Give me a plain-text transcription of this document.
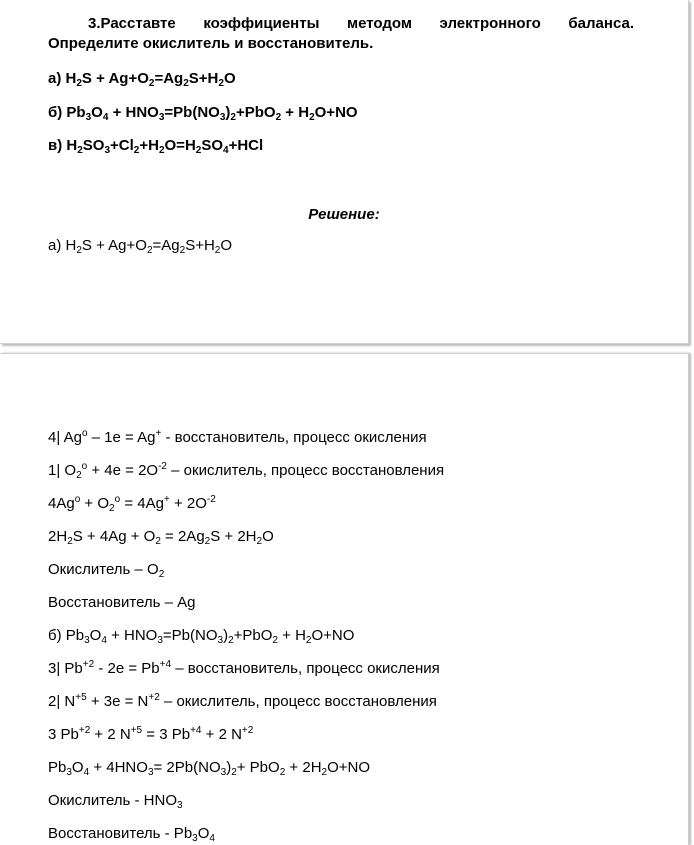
3.Расставте коэффициенты методом электронного баланса. Определите окислитель и восстановитель.
а) $H_2S + Ag+O_2=Ag_2S+H_2O$
б) $Pb_3O_4 + HNO_3=Pb(NO_3)_2+PbO_2 + H_2O+NO$
в) $H_2SO_3+Cl_2+H_2O=H_2SO_4+HCl$
Решение:
а) $H_2S + Ag+O_2=Ag_2S+H_2O$
4| Ag$^o$ – 1e = Ag+ - восстановитель, процесс окисления
1| $O_2^o + 4e = 2O^{-2}$ – окислитель, процесс восстановления
$4Ag^o + O_2^o = 4Ag^+ + 2O^{-2}$
$2H_2S + 4Ag + O_2 = 2Ag_2S + 2H_2O$
Окислитель – $O_2$
Восстановитель – Ag
б) $Pb_3O_4 + HNO_3=Pb(NO_3)_2+PbO_2 + H_2O+NO$
3| $Pb^{+2} - 2e = Pb^{+4}$ – восстановитель, процесс окисления
2| $N^{+5} + 3e = N^{+2}$ – окислитель, процесс восстановления
3 $Pb^{+2} + 2$ $N^{+5} = 3$ $Pb^{+4} + 2$ $N^{+2}$
$Pb_3O_4 + 4HNO_3= 2Pb(NO_3)_2+ PbO_2 + 2H_2O+NO$
Окислитель - $HNO_3$
Восстановитель - $Pb_3O_4$
